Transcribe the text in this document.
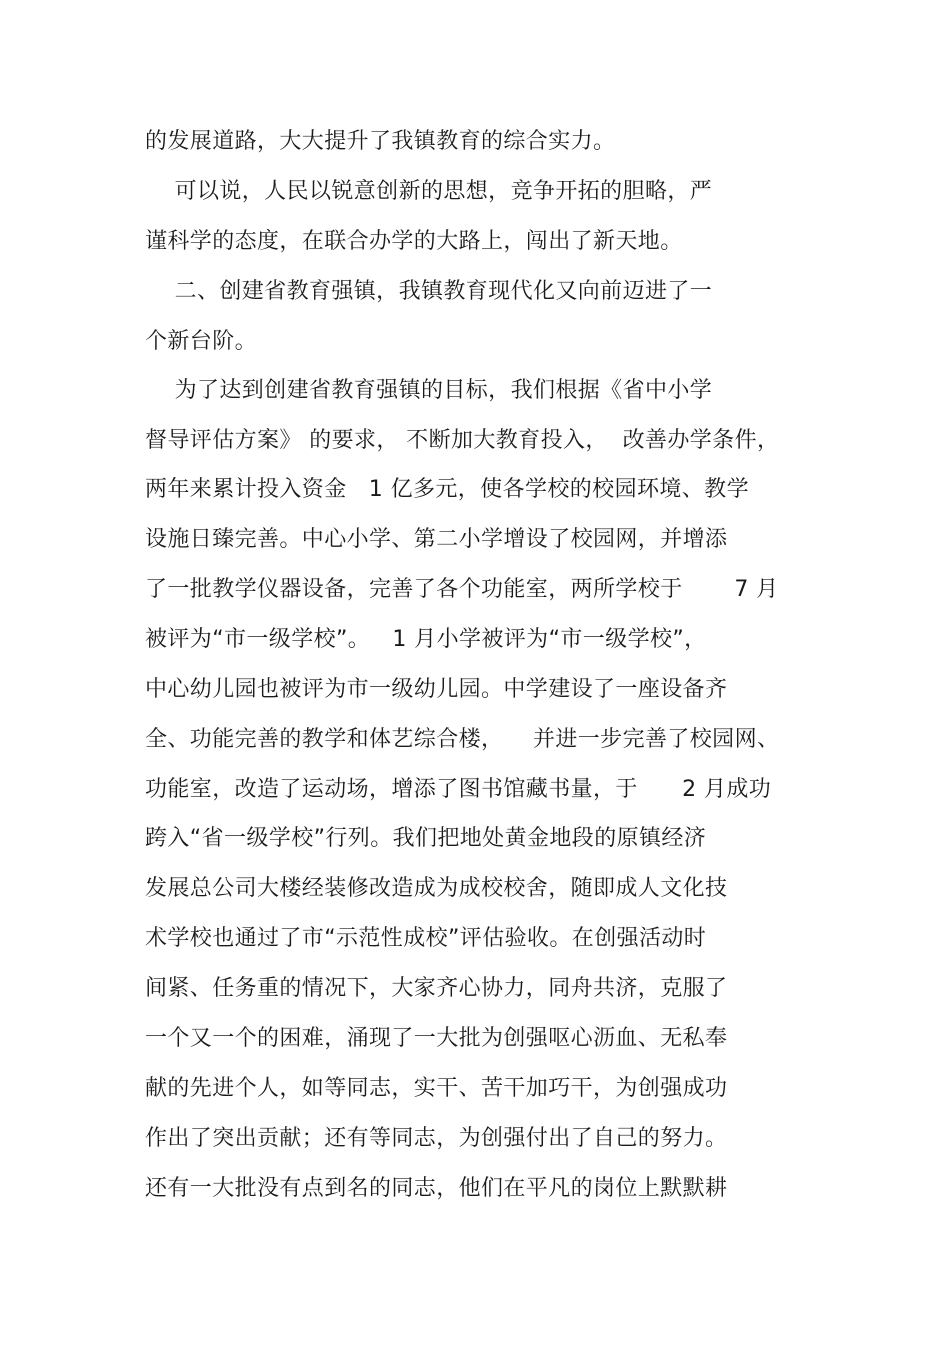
的发展道路，大大提升了我镇教育的综合实力。
可以说，人民以锐意创新的思想，竞争开拓的胆略，严
谨科学的态度，在联合办学的大路上，闯出了新天地。
二、创建省教育强镇，我镇教育现代化又向前迈进了一
个新台阶。
为了达到创建省教育强镇的目标，我们根据《省中小学
督导评估方案》 的要求， 不断加大教育投入，  改善办学条件，
两年来累计投入资金   1 亿多元，使各学校的校园环境、教学
设施日臻完善。中心小学、第二小学增设了校园网，并增添
了一批教学仪器设备，完善了各个功能室，两所学校于       7 月
被评为“市一级学校”。   1 月小学被评为“市一级学校”，
中心幼儿园也被评为市一级幼儿园。中学建设了一座设备齐
全、功能完善的教学和体艺综合楼，    并进一步完善了校园网、
功能室，改造了运动场，增添了图书馆藏书量，于      2 月成功
跨入“省一级学校”行列。我们把地处黄金地段的原镇经济
发展总公司大楼经装修改造成为成校校舍，随即成人文化技
术学校也通过了市“示范性成校”评估验收。在创强活动时
间紧、任务重的情况下，大家齐心协力，同舟共济，克服了
一个又一个的困难，涌现了一大批为创强呕心沥血、无私奉
献的先进个人，如等同志，实干、苦干加巧干，为创强成功
作出了突出贡献；还有等同志，为创强付出了自己的努力。
还有一大批没有点到名的同志，他们在平凡的岗位上默默耕
